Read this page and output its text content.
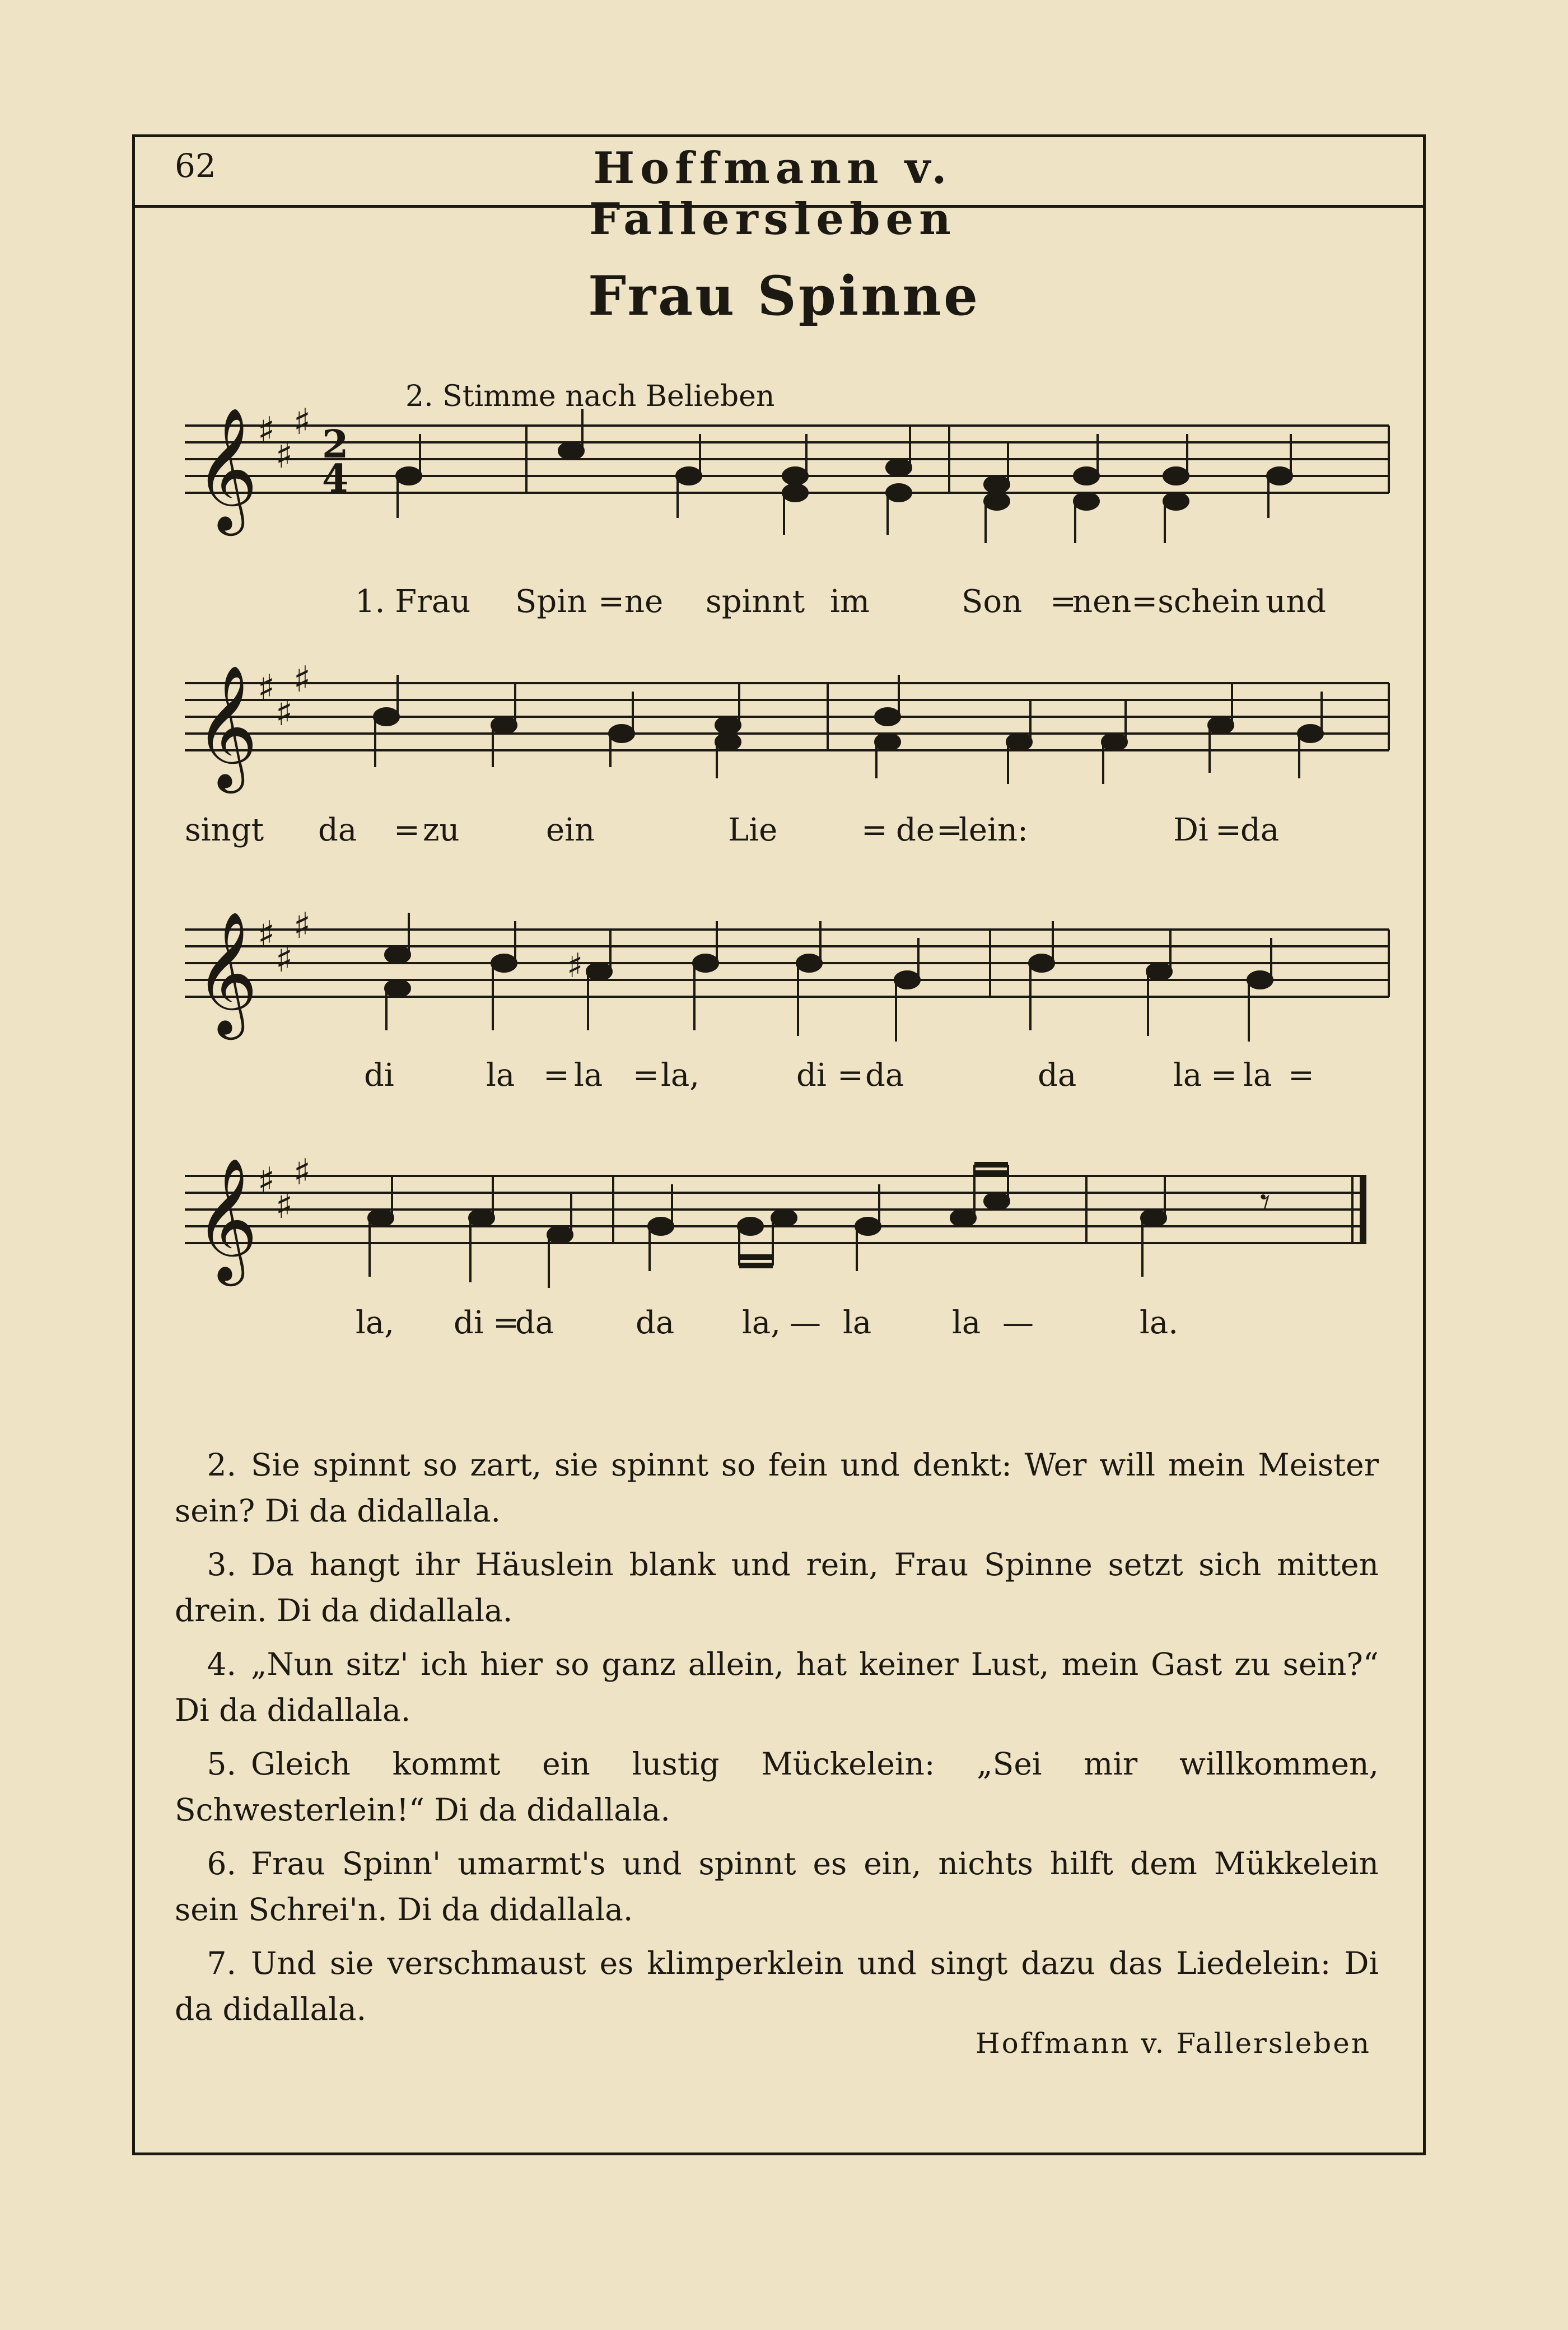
62	Hoffmann v. Fallersleben
Frau Spinne
2. Stimme nach Belieben
𝄞 ♯
♯
♯ 2
4
1. Frau Spin = ne spinnt im	Son =
nen=schein und
𝄞 ♯
♯
♯
singt da = zu	ein	Lie	= de =
lein:	Di =
da
𝄞 ♯
♯
♯
♯
di	la = la = la,	di = da	da	la = la =
𝄞 ♯
♯
♯
𝄾
la, di =
da	da la, — la	la —	la.

2. Sie spinnt so zart, sie spinnt so fein und denkt: Wer will mein Meister sein? Di da didallala.

3. Da hangt ihr Häuslein blank und rein, Frau Spinne setzt sich mitten drein. Di da didallala.

4. „Nun sitz' ich hier so ganz allein, hat keiner Lust, mein Gast zu sein?“ Di da didallala.

5. Gleich kommt ein lustig Mückelein: „Sei mir willkommen, Schwesterlein!“ Di da didallala.

6. Frau Spinn' umarmt's und spinnt es ein, nichts hilft dem Mükkelein sein Schrei'n. Di da didallala.

7. Und sie verschmaust es klimperklein und singt dazu das Liedelein: Di da didallala.

Hoffmann v. Fallersleben
